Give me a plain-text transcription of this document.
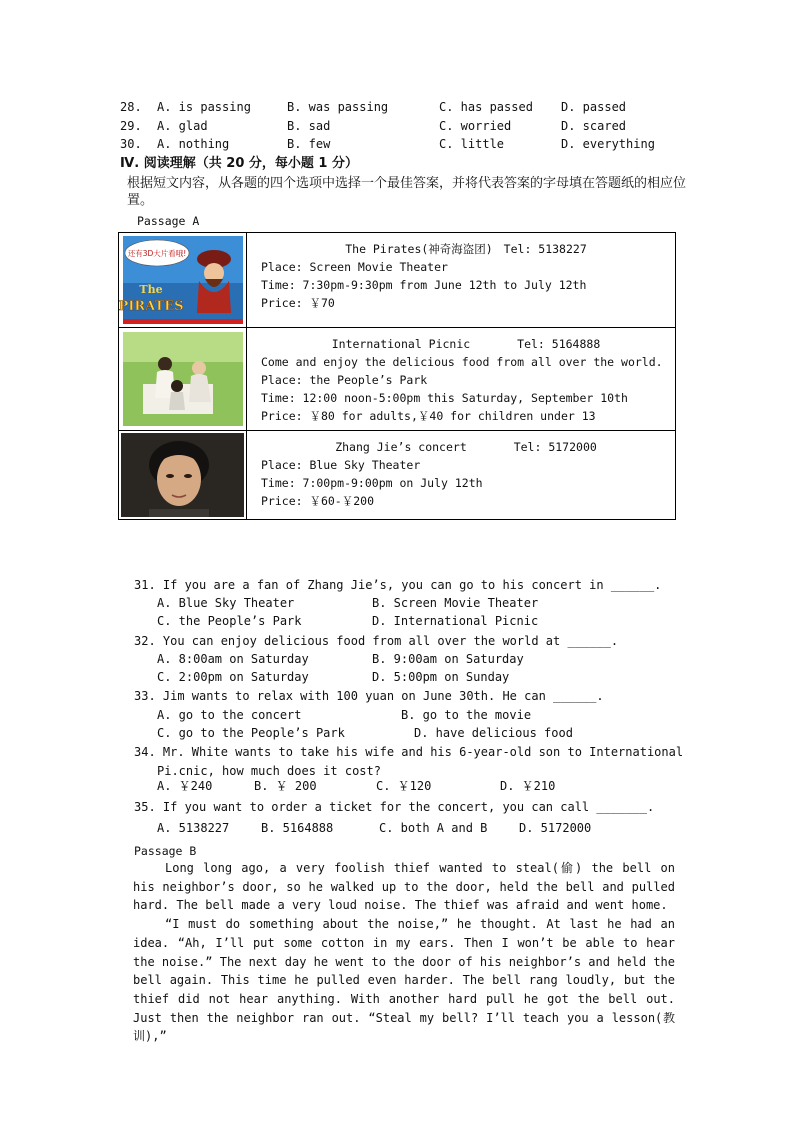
28. A. is passing	B. was passing	C. has passed D. passed
29. A. glad	B. sad	C. worried	D. scared
30. A. nothing	B. few	C. little	D. everything
Ⅳ. 阅读理解（共 20 分，每小题 1 分）
根据短文内容，从各题的四个选项中选择一个最佳答案，并将代表答案的字母填在答题纸的相应位置。
Passage A
还有3D大片看哦!
The
PIRATES
The Pirates(神奇海盗团) Tel: 5138227
Place: Screen Movie Theater
Time: 7:30pm-9:30pm from June 12th to July 12th
Price: ￥70
International Picnic	Tel: 5164888
Come and enjoy the delicious food from all over the world.
Place: the People’s Park
Time: 12:00 noon-5:00pm this Saturday, September 10th
Price: ￥80 for adults,￥40 for children under 13
Zhang Jie’s concert	Tel: 5172000
Place: Blue Sky Theater
Time: 7:00pm-9:00pm on July 12th
Price: ￥60-￥200
31. If you are a fan of Zhang Jie’s, you can go to his concert in ______.
A. Blue Sky Theater	B. Screen Movie Theater
C. the People’s Park	D. International Picnic
32. You can enjoy delicious food from all over the world at ______.
A. 8:00am on Saturday	B. 9:00am on Saturday
C. 2:00pm on Saturday	D. 5:00pm on Sunday
33. Jim wants to relax with 100 yuan on June 30th. He can ______.
A. go to the concert	B. go to the movie
C. go to the People’s Park	D. have delicious food
34. Mr. White wants to take his wife and his 6-year-old son to International
Pi.cnic, how much does it cost?
A. ￥240	B. ￥ 200	C. ￥120	D. ￥210
35. If you want to order a ticket for the concert, you can call _______.
A. 5138227	B. 5164888	C. both A and B	D. 5172000
Passage B

Long long ago, a very foolish thief wanted to steal(偷) the bell on his neighbor’s door, so he walked up to the door, held the bell and pulled hard. The bell made a very loud noise. The thief was afraid and went home.

“I must do something about the noise,” he thought. At last he had an idea. “Ah, I’ll put some cotton in my ears. Then I won’t be able to hear the noise.” The next day he went to the door of his neighbor’s and held the bell again. This time he pulled even harder. The bell rang loudly, but the thief did not hear anything. With another hard pull he got the bell out. Just then the neighbor ran out. “Steal my bell? I’ll teach you a lesson(教训),”
